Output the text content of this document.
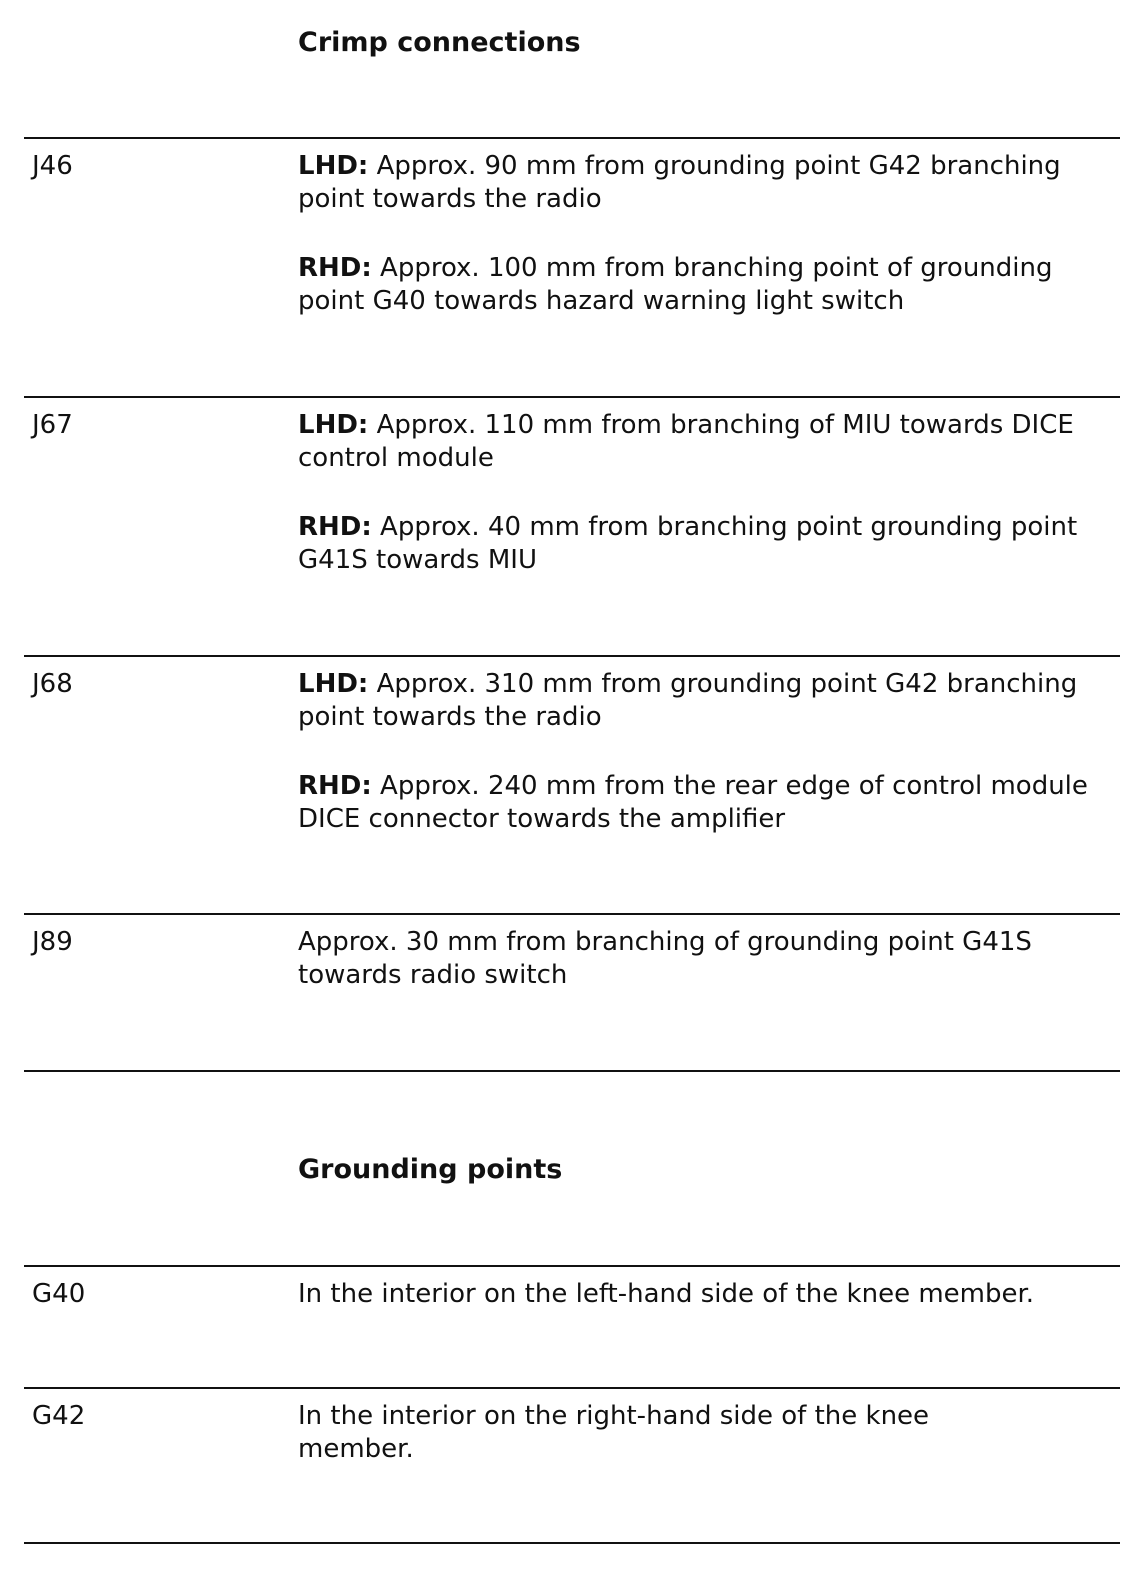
Crimp connections
J46	LHD: Approx. 90 mm from grounding point G42 branching point towards the radio

RHD: Approx. 100 mm from branching point of grounding point G40 towards hazard warning light switch

J67	LHD: Approx. 110 mm from branching of MIU towards DICE control module

RHD: Approx. 40 mm from branching point grounding point G41S towards MIU

J68	LHD: Approx. 310 mm from grounding point G42 branching point towards the radio

RHD: Approx. 240 mm from the rear edge of control module DICE connector towards the amplifier

J89	Approx. 30 mm from branching of grounding point G41S towards radio switch

Grounding points
G40	In the interior on the left-hand side of the knee member.

G42	In the interior on the right-hand side of the knee member.
